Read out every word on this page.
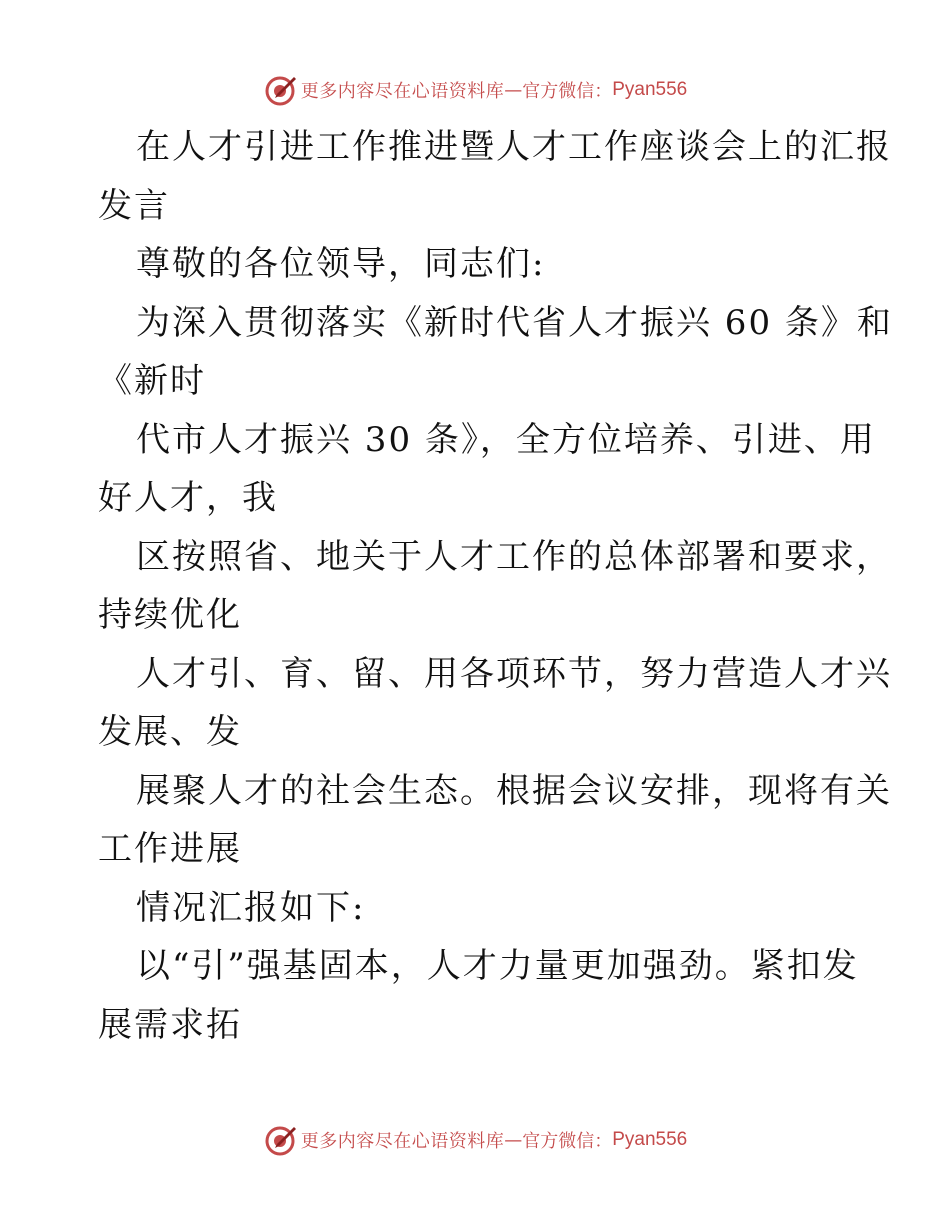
更多内容尽在心语资料库 — 官方微信： Pyan556
在人才引进工作推进暨人才工作座谈会上的汇报
发言
尊敬的各位领导，同志们:
为深入贯彻落实《新时代省人才振兴 60 条》和
《新时
代市人才振兴 30 条》，全方位培养、引进、用
好人才，我
区按照省、地关于人才工作的总体部署和要求，
持续优化
人才引、育、留、用各项环节，努力营造人才兴
发展、发
展聚人才的社会生态。根据会议安排，现将有关
工作进展
情况汇报如下:
以“引”强基固本，人才力量更加强劲。紧扣发
展需求拓
更多内容尽在心语资料库 — 官方微信： Pyan556
